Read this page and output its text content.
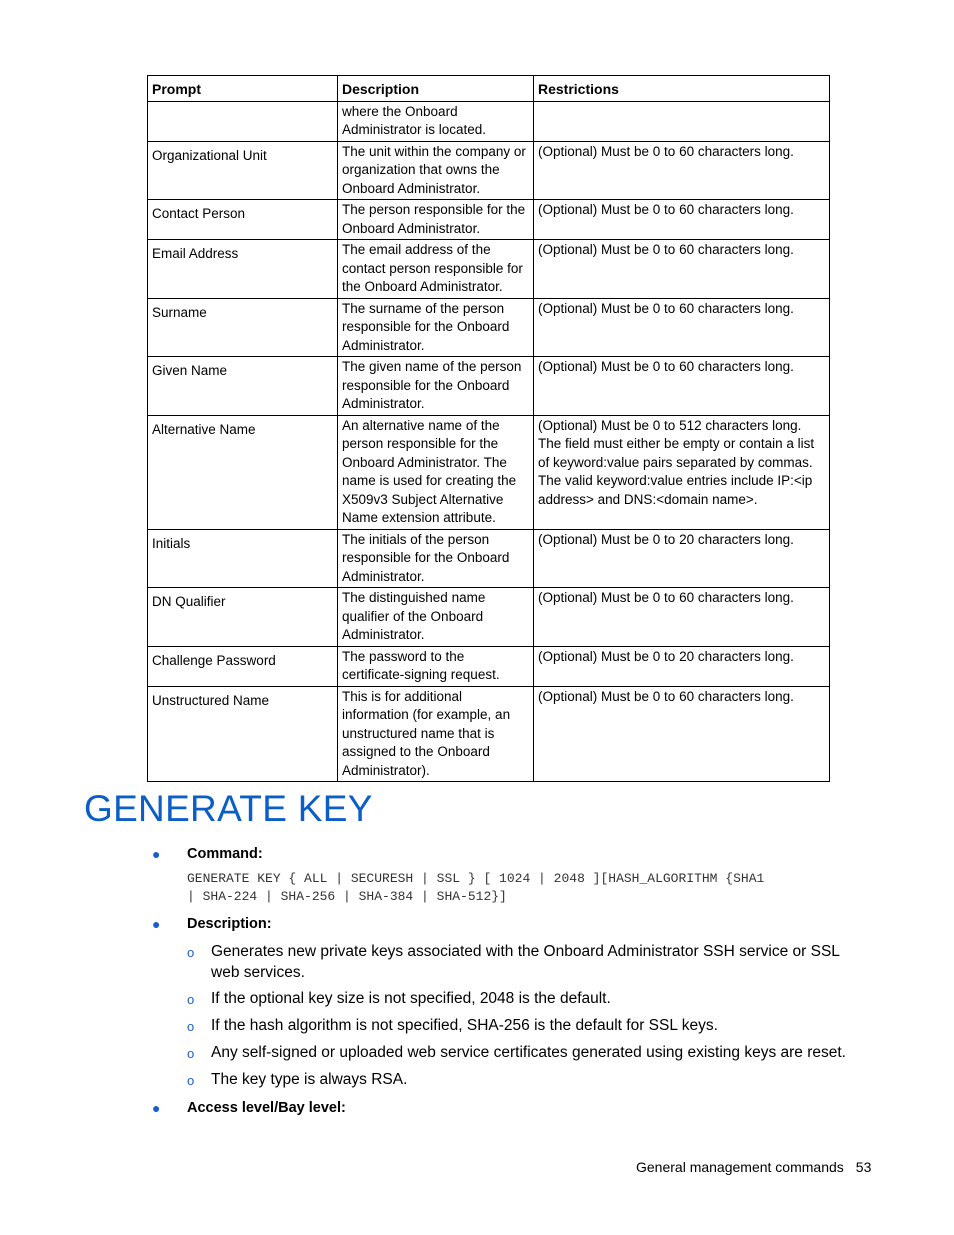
Prompt	Description	Restrictions
	where the Onboard Administrator is located.	
Organizational Unit	The unit within the company or organization that owns the Onboard Administrator.	(Optional) Must be 0 to 60 characters long.
Contact Person	The person responsible for the Onboard Administrator.	(Optional) Must be 0 to 60 characters long.
Email Address	The email address of the contact person responsible for the Onboard Administrator.	(Optional) Must be 0 to 60 characters long.
Surname	The surname of the person responsible for the Onboard Administrator.	(Optional) Must be 0 to 60 characters long.
Given Name	The given name of the person responsible for the Onboard Administrator.	(Optional) Must be 0 to 60 characters long.
Alternative Name	An alternative name of the person responsible for the Onboard Administrator. The name is used for creating the X509v3 Subject Alternative Name extension attribute.	(Optional) Must be 0 to 512 characters long. The field must either be empty or contain a list of keyword:value pairs separated by commas. The valid keyword:value entries include IP:<ip address> and DNS:<domain name>.
Initials	The initials of the person responsible for the Onboard Administrator.	(Optional) Must be 0 to 20 characters long.
DN Qualifier	The distinguished name qualifier of the Onboard Administrator.	(Optional) Must be 0 to 60 characters long.
Challenge Password	The password to the certificate-signing request.	(Optional) Must be 0 to 20 characters long.
Unstructured Name	This is for additional information (for example, an unstructured name that is assigned to the Onboard Administrator).	(Optional) Must be 0 to 60 characters long.
GENERATE KEY
● Command:
GENERATE KEY { ALL | SECURESH | SSL } [ 1024 | 2048 ][HASH_ALGORITHM {SHA1
| SHA-224 | SHA-256 | SHA-384 | SHA-512}]
● Description:
o Generates new private keys associated with the Onboard Administrator SSH service or SSL web services.
o If the optional key size is not specified, 2048 is the default.
o If the hash algorithm is not specified, SHA-256 is the default for SSL keys.
o Any self-signed or uploaded web service certificates generated using existing keys are reset.
o The key type is always RSA.
● Access level/Bay level:
General management commands 53
